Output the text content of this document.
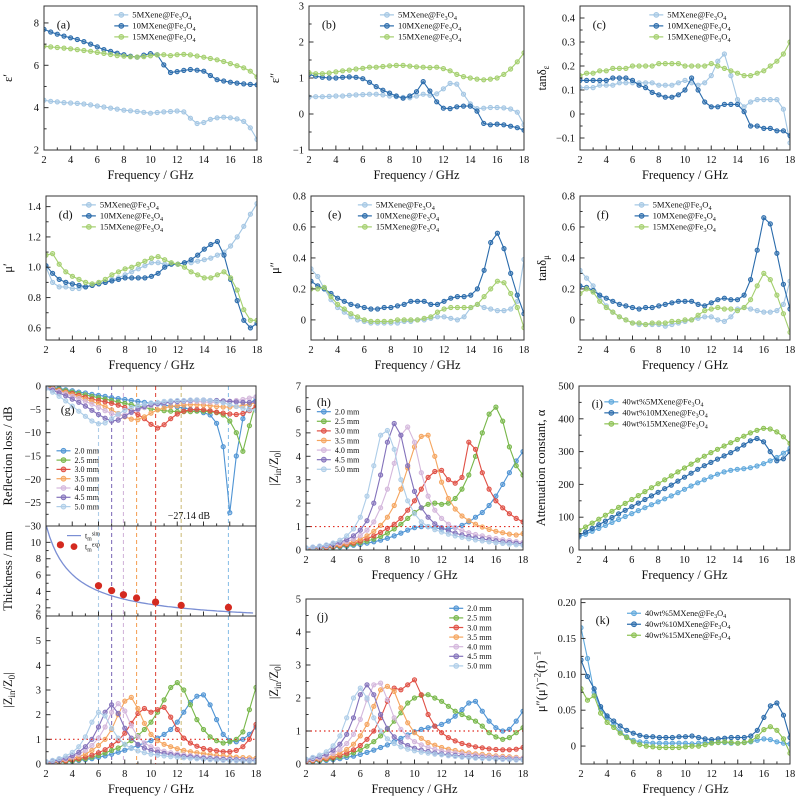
2
4
6
8
ε′
(a)
$5MXene@Fe_3O_4$
$10MXene@Fe_3O_4$
$15MXene@Fe_3O_4$
2 4 6 8 10 12 14 16 18
Frequency / GHz
−1
0
1
2
3
ε″
(b)
$5MXene@Fe_3O_4$
$10MXene@Fe_3O_4$
$15MXene@Fe_3O_4$
2 4 6 8 10 12 14 16 18
Frequency / GHz
−0.1
0
0.1
0.2
0.3
0.4
tanδ$_\varepsilon$
(c)
$5MXene@Fe_3O_4$
$10MXene@Fe_3O_4$
$15MXene@Fe_3O_4$
2 4 6 8 10 12 14 16 18
Frequency / GHz
0.6
0.8
1.0
1.2
1.4
μ′
(d)
$5MXene@Fe_3O_4$
$10MXene@Fe_3O_4$
$15MXene@Fe_3O_4$
2 4 6 8 10 12 14 16 18
Frequency / GHz
0
0.2
0.4
0.6
0.8
μ″
(e)
$5MXene@Fe_3O_4$
$10MXene@Fe_3O_4$
$15MXene@Fe_3O_4$
2 4 6 8 10 12 14 16 18
Frequency / GHz
0
0.2
0.4
0.6
0.8
tanδ$_\mu$
(f)
$5MXene@Fe_3O_4$
$10MXene@Fe_3O_4$
$15MXene@Fe_3O_4$
2 4 6 8 10 12 14 16 18
Frequency / GHz
0
−5
−10
−15
−20
−25
−30
Reflection loss / dB	(g)
−27.14 dB
2.0 mm
2.5 mm
3.0 mm
3.5 mm
4.0 mm
4.5 mm
5.0 mm
2
4
6
8
10
Thickness / mm	$t_m^{sim}$
$t_m^{exp}$
0
1
2
3
4
5
6
$|Z_{in}/Z_0|$
2 4 6 8 10 12 14 16 18
Frequency / GHz
0
1
2
3
4
5
6
7
$|Z_{in}/Z_0|$
(h)
2.0 mm
2.5 mm
3.0 mm
3.5 mm
4.0 mm
4.5 mm
5.0 mm
2 4 6 8 10 12 14 16 18
Frequency / GHz
0
100
200
300
400
500
Attenuation constant, α
(i) $40wt\%5MXene@Fe_3O_4$
$40wt\%10MXene@Fe_3O_4$
$40wt\%15MXene@Fe_3O_4$
2 4 6 8 10 12 14 16 18
Frequency / GHz
0
1
2
3
4
5
$|Z_{in}/Z_0|$
(j)
2.0 mm
2.5 mm
3.0 mm
3.5 mm
4.0 mm
4.5 mm
5.0 mm
2 4 6 8 10 12 14 16 18
Frequency / GHz
0
0.05
0.10
0.15
0.20
$\mu''(\mu')^{-2}(f)^{-1}$
(k)	$40wt\%5MXene@Fe_3O_4$
$40wt\%10MXene@Fe_3O_4$
$40wt\%15MXene@Fe_3O_4$
2 4 6 8 10 12 14 16 18
Frequency / GHz
